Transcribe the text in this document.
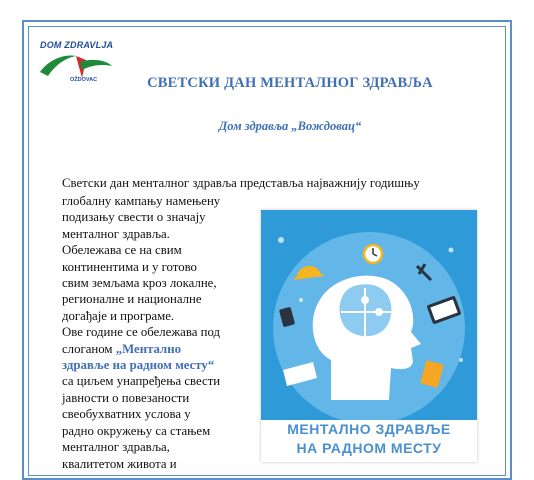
DOM ZDRAVLJA
OŽDOVAC	СВЕТСКИ ДАН МЕНТАЛНОГ ЗДРАВЉА
Дом здравља „Вождовац“
Светски дан менталног здравља представља најважнију годишњу

глобалну кампању намењену

подизању свести о значају

менталног здравља.

Обележава се на свим

континентима и у готово

свим земљама кроз локалне,

регионалне и националне

догађаје и програме.

Ове године се обележава под

слоганом „Ментално

здравље на радном месту“

са циљем унапређења свести

јавности о повезаности

свеобухватних услова у

радно окружењу са стањем

менталног здравља,

квалитетом живота и

МЕНТАЛНО ЗДРАВЉЕ
НА РАДНОМ МЕСТУ
